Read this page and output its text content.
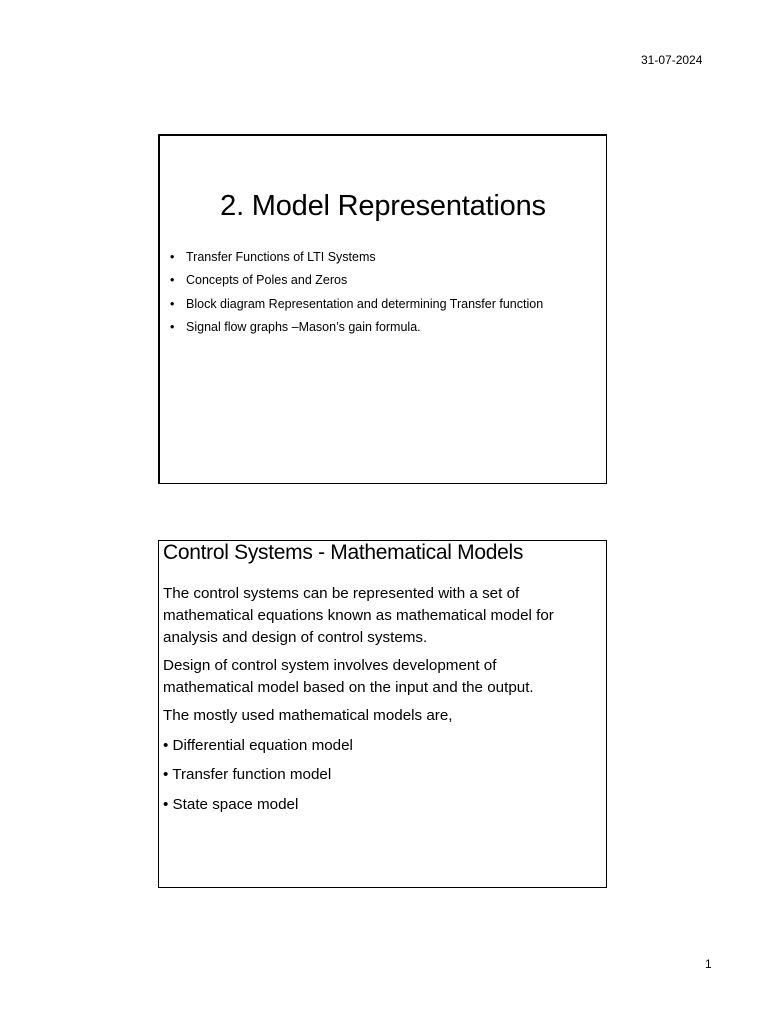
31-07-2024
2. Model Representations
• Transfer Functions of LTI Systems
• Concepts of Poles and Zeros
• Block diagram Representation and determining Transfer function
• Signal flow graphs –Mason’s gain formula.
Control Systems - Mathematical Models

The control systems can be represented with a set of
mathematical equations known as mathematical model for
analysis and design of control systems.

Design of control system involves development of
mathematical model based on the input and the output.

The mostly used mathematical models are,

• Differential equation model
• Transfer function model
• State space model
1
